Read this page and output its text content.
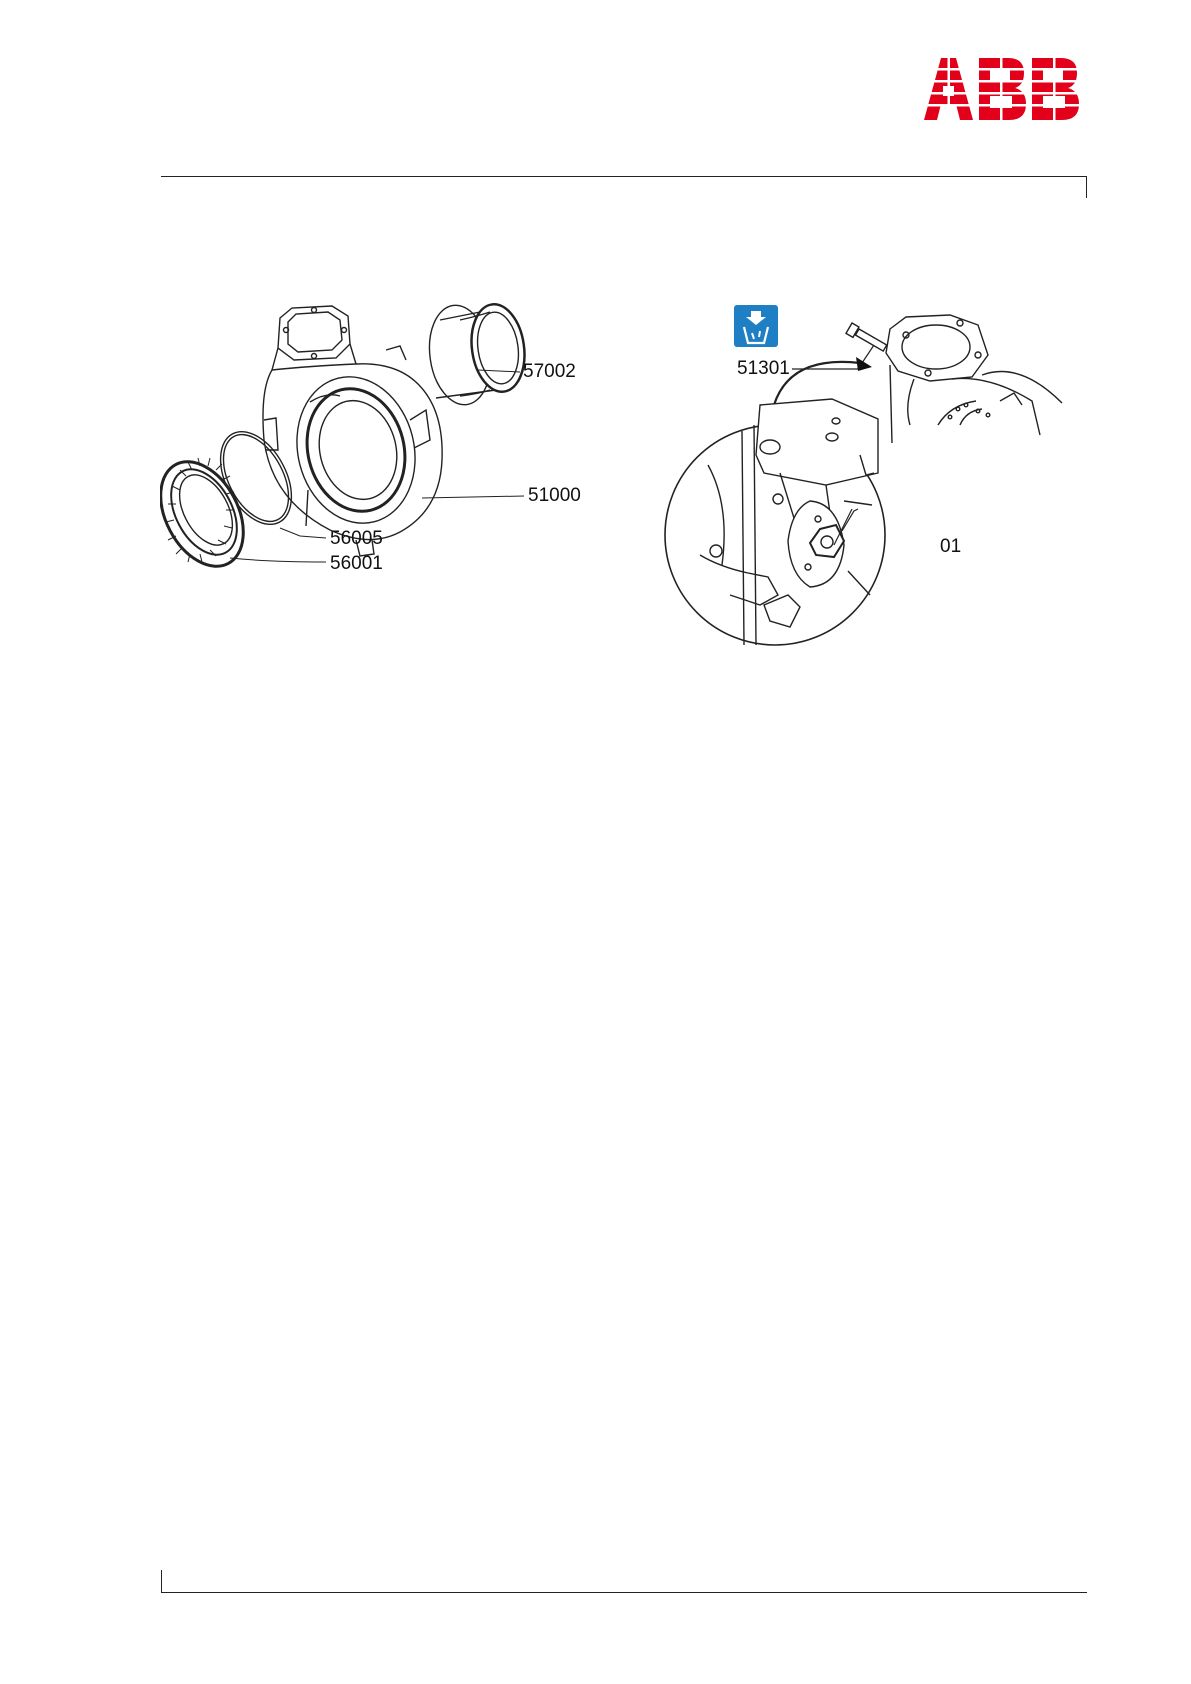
57002
51000
56005
56001
51301
01
